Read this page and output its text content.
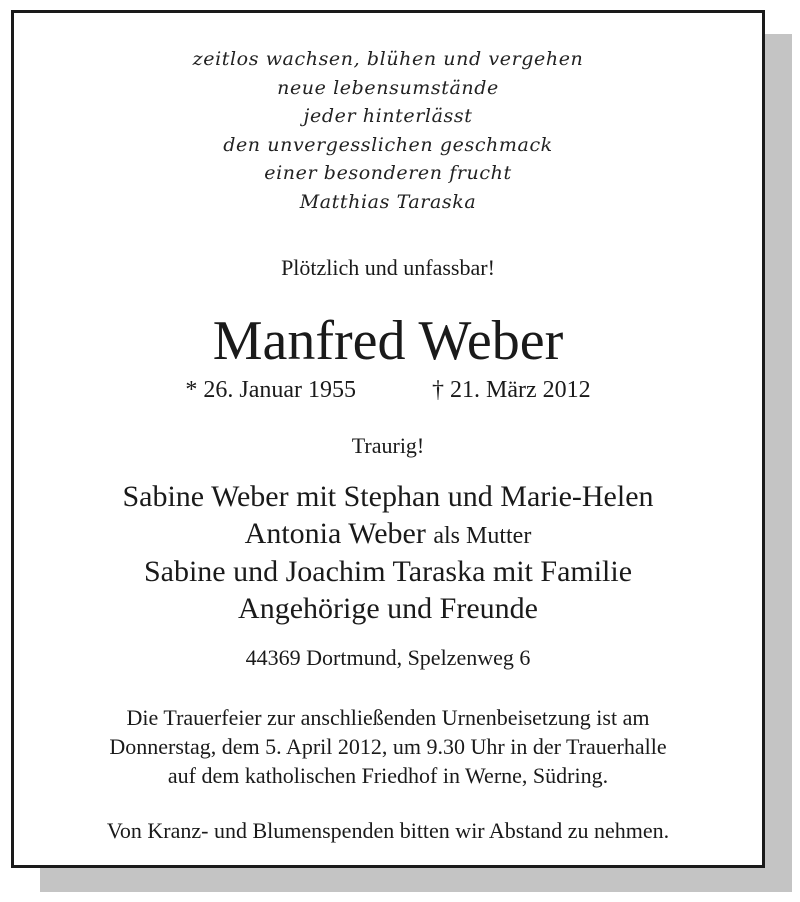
zeitlos wachsen, blühen und vergehen
neue lebensumstände
jeder hinterlässt
den unvergesslichen geschmack
einer besonderen frucht
Matthias Taraska
Plötzlich und unfassbar!
Manfred Weber
* 26. Januar 1955	† 21. März 2012
Traurig!
Sabine Weber mit Stephan und Marie-Helen
Antonia Weber als Mutter
Sabine und Joachim Taraska mit Familie
Angehörige und Freunde
44369 Dortmund, Spelzenweg 6
Die Trauerfeier zur anschließenden Urnenbeisetzung ist am
Donnerstag, dem 5. April 2012, um 9.30 Uhr in der Trauerhalle
auf dem katholischen Friedhof in Werne, Südring.
Von Kranz- und Blumenspenden bitten wir Abstand zu nehmen.
